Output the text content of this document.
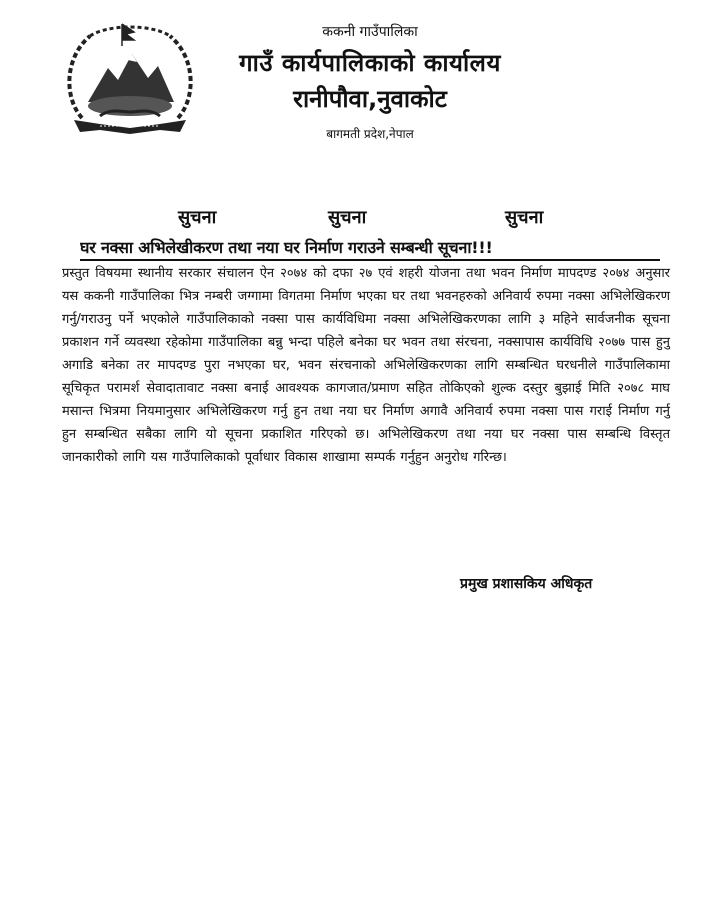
ककनी गाउँपालिका
गाउँ कार्यपालिकाको कार्यालय
रानीपौवा,नुवाकोट
बागमती प्रदेश,नेपाल
सुचना	सुचना	सुचना
घर नक्सा अभिलेखीकरण तथा नया घर निर्माण गराउने सम्बन्धी सूचना!!!
प्रस्तुत विषयमा स्थानीय सरकार संचालन ऐन २०७४ को दफा २७ एवं शहरी योजना तथा भवन निर्माण मापदण्ड २०७४ अनुसार यस ककनी गाउँपालिका भित्र नम्बरी जग्गामा विगतमा निर्माण भएका घर तथा भवनहरुको अनिवार्य रुपमा नक्सा अभिलेखिकरण गर्नु/गराउनु पर्ने भएकोले गाउँपालिकाको नक्सा पास कार्यविधिमा नक्सा अभिलेखिकरणका लागि ३ महिने सार्वजनीक सूचना प्रकाशन गर्ने व्यवस्था रहेकोमा गाउँपालिका बन्नु भन्दा पहिले बनेका घर भवन तथा संरचना, नक्सापास कार्यविधि २०७७ पास हुनु अगाडि बनेका तर मापदण्ड पुरा नभएका घर, भवन संरचनाको अभिलेखिकरणका लागि सम्बन्धित घरधनीले गाउँपालिकामा सूचिकृत परामर्श सेवादातावाट नक्सा बनाई आवश्यक कागजात/प्रमाण सहित तोकिएको शुल्क दस्तुर बुझाई मिति २०७८ माघ मसान्त भित्रमा नियमानुसार अभिलेखिकरण गर्नु हुन तथा नया घर निर्माण अगावै अनिवार्य रुपमा नक्सा पास गराई निर्माण गर्नु हुन सम्बन्धित सबैका लागि यो सूचना प्रकाशित गरिएको छ। अभिलेखिकरण तथा नया घर नक्सा पास सम्बन्धि विस्तृत जानकारीको लागि यस गाउँपालिकाको पूर्वाधार विकास शाखामा सम्पर्क गर्नुहुन अनुरोध गरिन्छ।
प्रमुख प्रशासकिय अधिकृत
